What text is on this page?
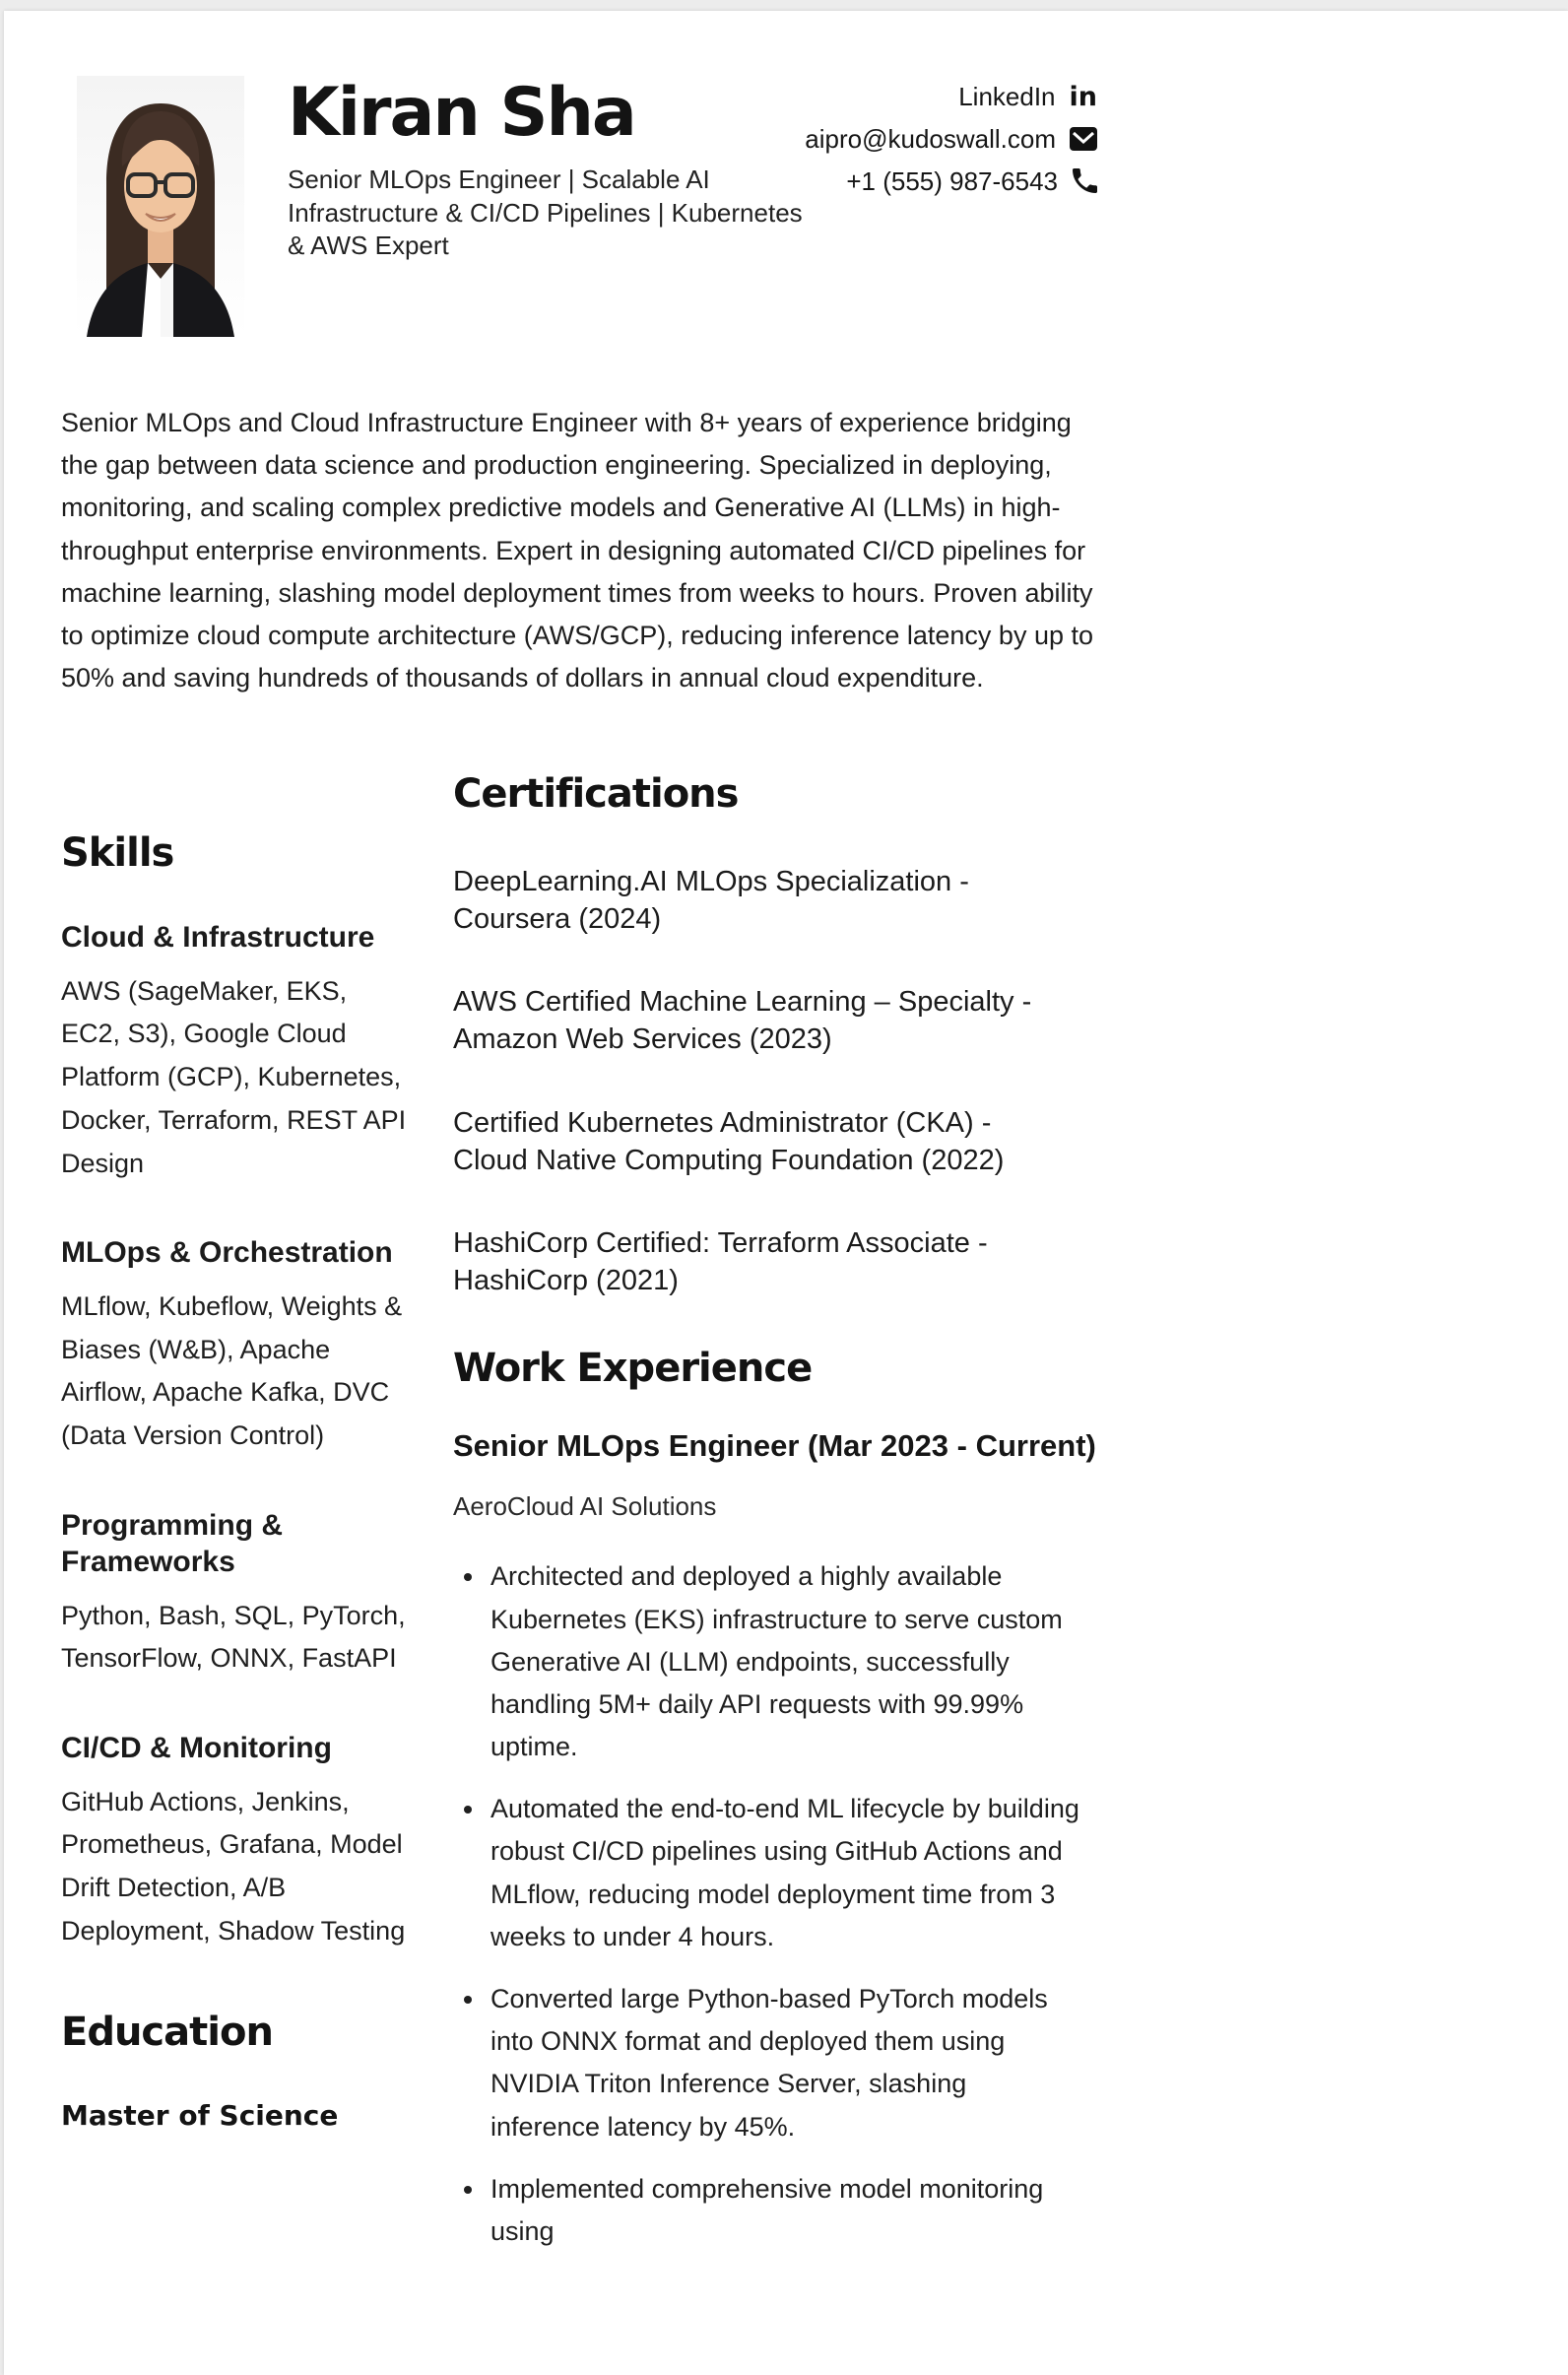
Kiran Sha
Senior MLOps Engineer | Scalable AI Infrastructure & CI/CD Pipelines | Kubernetes & AWS Expert
LinkedIn in
aipro@kudoswall.com
+1 (555) 987-6543
Senior MLOps and Cloud Infrastructure Engineer with 8+ years of experience bridging the gap between data science and production engineering. Specialized in deploying, monitoring, and scaling complex predictive models and Generative AI (LLMs) in high-throughput enterprise environments. Expert in designing automated CI/CD pipelines for machine learning, slashing model deployment times from weeks to hours. Proven ability to optimize cloud compute architecture (AWS/GCP), reducing inference latency by up to 50% and saving hundreds of thousands of dollars in annual cloud expenditure.
Skills
Cloud & Infrastructure
AWS (SageMaker, EKS, EC2, S3), Google Cloud Platform (GCP), Kubernetes, Docker, Terraform, REST API Design
MLOps & Orchestration
MLflow, Kubeflow, Weights & Biases (W&B), Apache Airflow, Apache Kafka, DVC (Data Version Control)
Programming & Frameworks
Python, Bash, SQL, PyTorch, TensorFlow, ONNX, FastAPI
CI/CD & Monitoring
GitHub Actions, Jenkins, Prometheus, Grafana, Model Drift Detection, A/B Deployment, Shadow Testing
Education
Master of Science
Certifications
DeepLearning.AI MLOps Specialization - Coursera (2024)
AWS Certified Machine Learning – Specialty - Amazon Web Services (2023)
Certified Kubernetes Administrator (CKA) - Cloud Native Computing Foundation (2022)
HashiCorp Certified: Terraform Associate - HashiCorp (2021)
Work Experience
Senior MLOps Engineer (Mar 2023 - Current)
AeroCloud AI Solutions
• Architected and deployed a highly available Kubernetes (EKS) infrastructure to serve custom Generative AI (LLM) endpoints, successfully handling 5M+ daily API requests with 99.99% uptime.
• Automated the end-to-end ML lifecycle by building robust CI/CD pipelines using GitHub Actions and MLflow, reducing model deployment time from 3 weeks to under 4 hours.
• Converted large Python-based PyTorch models into ONNX format and deployed them using NVIDIA Triton Inference Server, slashing inference latency by 45%.
• Implemented comprehensive model monitoring using
